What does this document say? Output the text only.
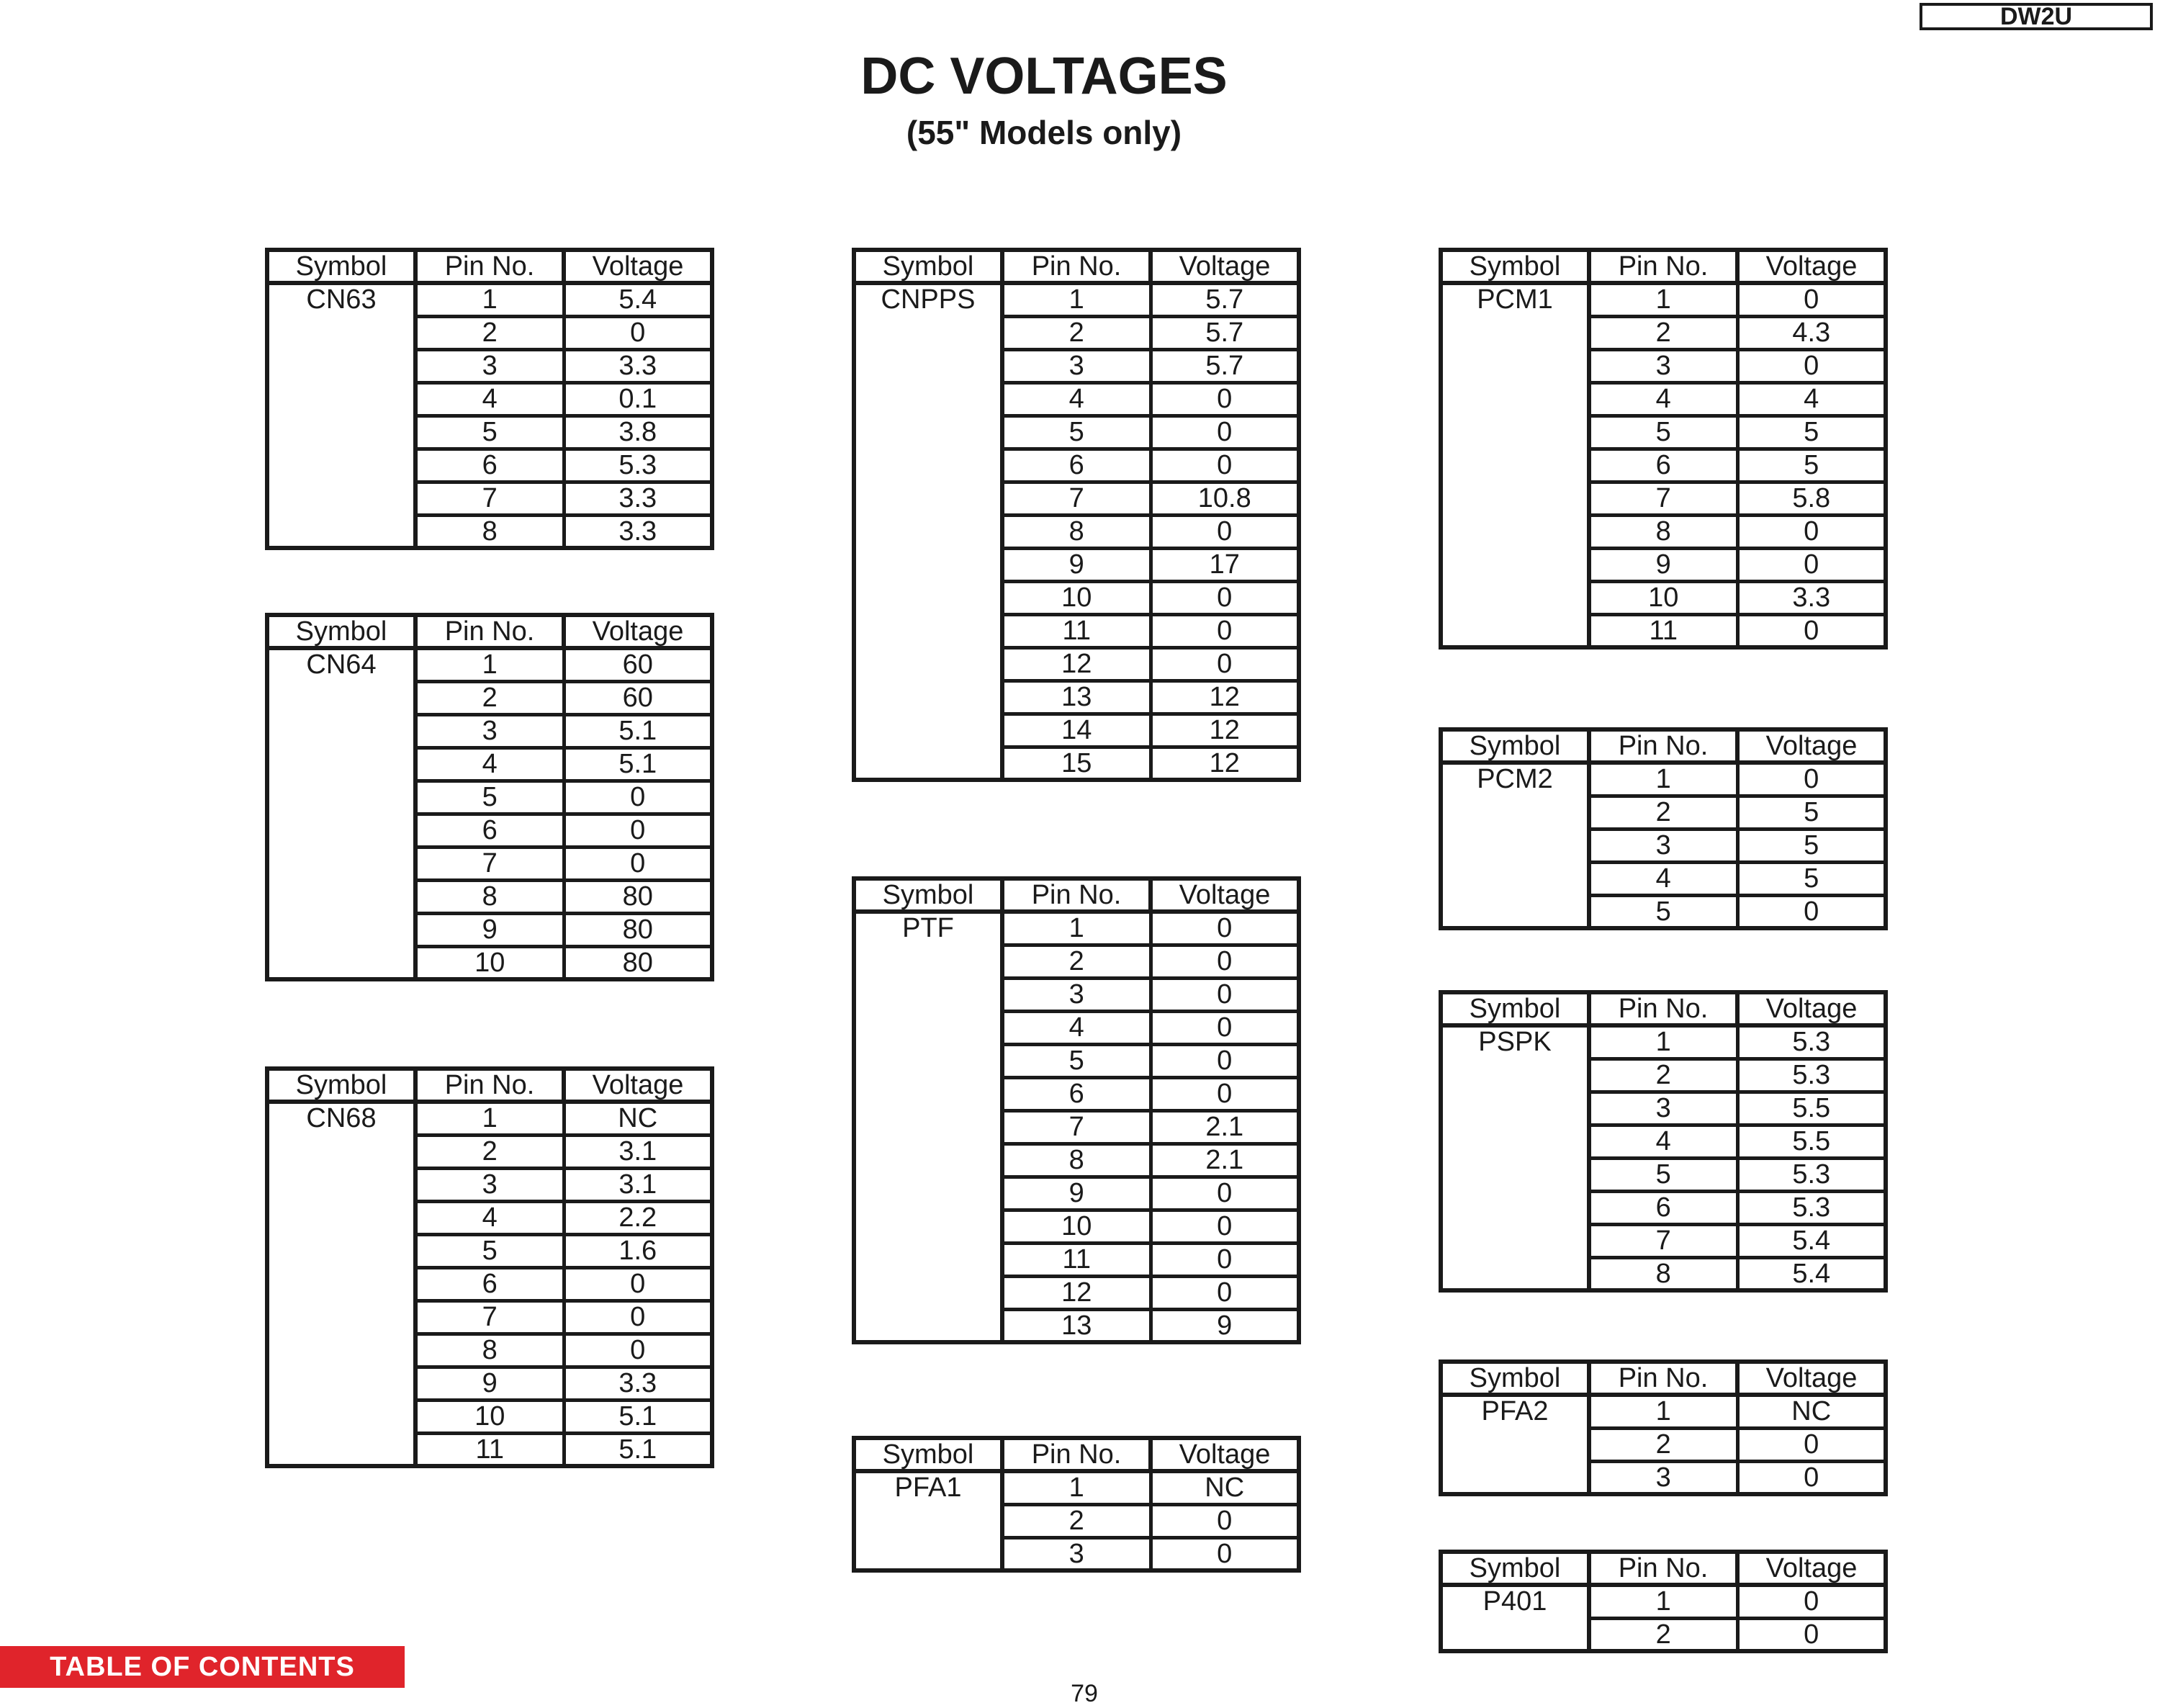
DW2U
DC VOLTAGES
(55" Models only)
Symbol	Pin No.	Voltage
CN63	1	5.4
	2	0
	3	3.3
	4	0.1
	5	3.8
	6	5.3
	7	3.3
	8	3.3
Symbol	Pin No.	Voltage
CN64	1	60
	2	60
	3	5.1
	4	5.1
	5	0
	6	0
	7	0
	8	80
	9	80
	10	80
Symbol	Pin No.	Voltage
CN68	1	NC
	2	3.1
	3	3.1
	4	2.2
	5	1.6
	6	0
	7	0
	8	0
	9	3.3
	10	5.1
	11	5.1
Symbol	Pin No.	Voltage
CNPPS	1	5.7
	2	5.7
	3	5.7
	4	0
	5	0
	6	0
	7	10.8
	8	0
	9	17
	10	0
	11	0
	12	0
	13	12
	14	12
	15	12
Symbol	Pin No.	Voltage
PTF	1	0
	2	0
	3	0
	4	0
	5	0
	6	0
	7	2.1
	8	2.1
	9	0
	10	0
	11	0
	12	0
	13	9
Symbol	Pin No.	Voltage
PFA1	1	NC
	2	0
	3	0
Symbol	Pin No.	Voltage
PCM1	1	0
	2	4.3
	3	0
	4	4
	5	5
	6	5
	7	5.8
	8	0
	9	0
	10	3.3
	11	0
Symbol	Pin No.	Voltage
PCM2	1	0
	2	5
	3	5
	4	5
	5	0
Symbol	Pin No.	Voltage
PSPK	1	5.3
	2	5.3
	3	5.5
	4	5.5
	5	5.3
	6	5.3
	7	5.4
	8	5.4
Symbol	Pin No.	Voltage
PFA2	1	NC
	2	0
	3	0
Symbol	Pin No.	Voltage
P401	1	0
	2	0
TABLE OF CONTENTS
79
